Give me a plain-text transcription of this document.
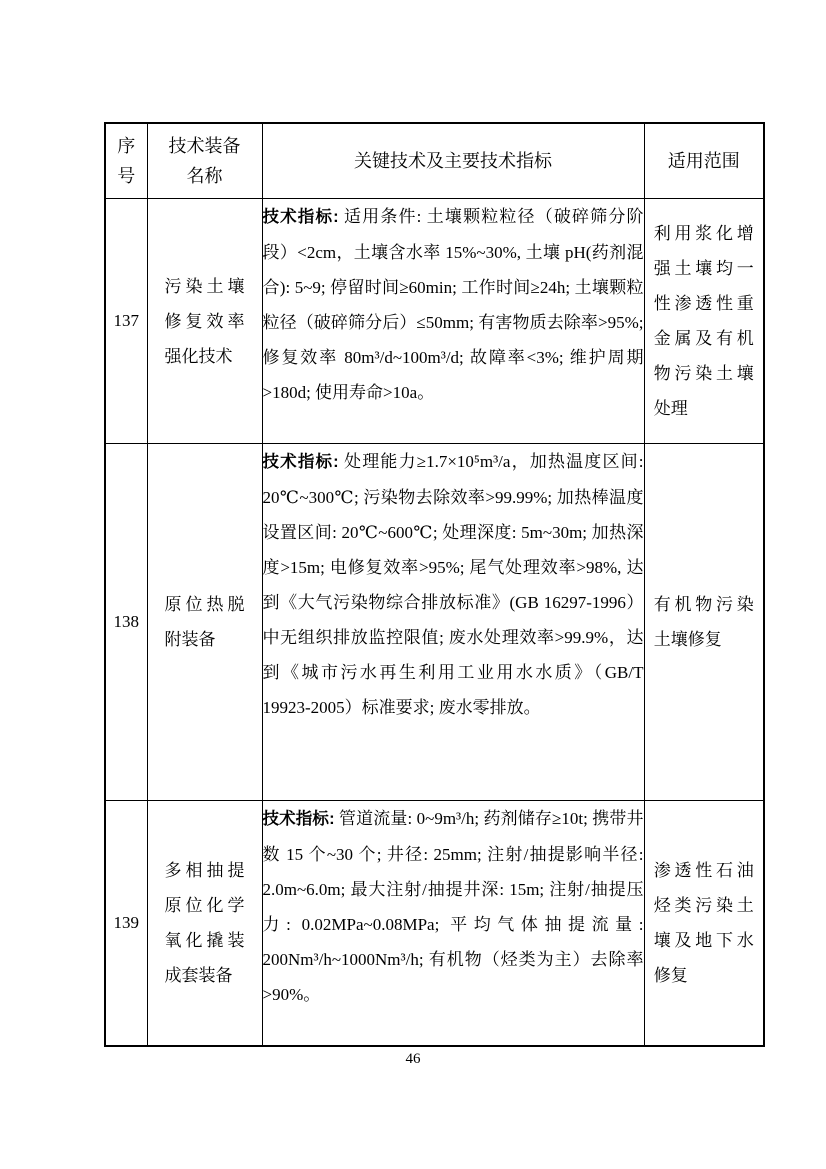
序号	技术装备名称	关键技术及主要技术指标	适用范围
137	污染土壤修复效率强化技术	技术指标: 适用条件: 土壤颗粒粒径（破碎筛分阶段）<2cm，土壤含水率 15%~30%, 土壤 pH(药剂混合): 5~9; 停留时间≥60min; 工作时间≥24h; 土壤颗粒粒径（破碎筛分后）≤50mm; 有害物质去除率>95%; 修复效率 80m³/d~100m³/d; 故障率<3%; 维护周期>180d; 使用寿命>10a。	利用浆化增强土壤均一性渗透性重金属及有机物污染土壤处理
138	原位热脱附装备	技术指标: 处理能力≥1.7×10⁵m³/a，加热温度区间: 20℃~300℃; 污染物去除效率>99.99%; 加热棒温度设置区间: 20℃~600℃; 处理深度: 5m~30m; 加热深度>15m; 电修复效率>95%; 尾气处理效率>98%, 达到《大气污染物综合排放标准》(GB 16297-1996）中无组织排放监控限值; 废水处理效率>99.9%，达到《城市污水再生利用工业用水水质》（GB/T 19923-2005）标准要求; 废水零排放。	有机物污染土壤修复
139	多相抽提原位化学氧化撬装成套装备	技术指标: 管道流量: 0~9m³/h; 药剂储存≥10t; 携带井数 15 个~30 个; 井径: 25mm; 注射/抽提影响半径: 2.0m~6.0m; 最大注射/抽提井深: 15m; 注射/抽提压力: 0.02MPa~0.08MPa; 平均气体抽提流量: 200Nm³/h~1000Nm³/h; 有机物（烃类为主）去除率>90%。	渗透性石油烃类污染土壤及地下水修复
46
